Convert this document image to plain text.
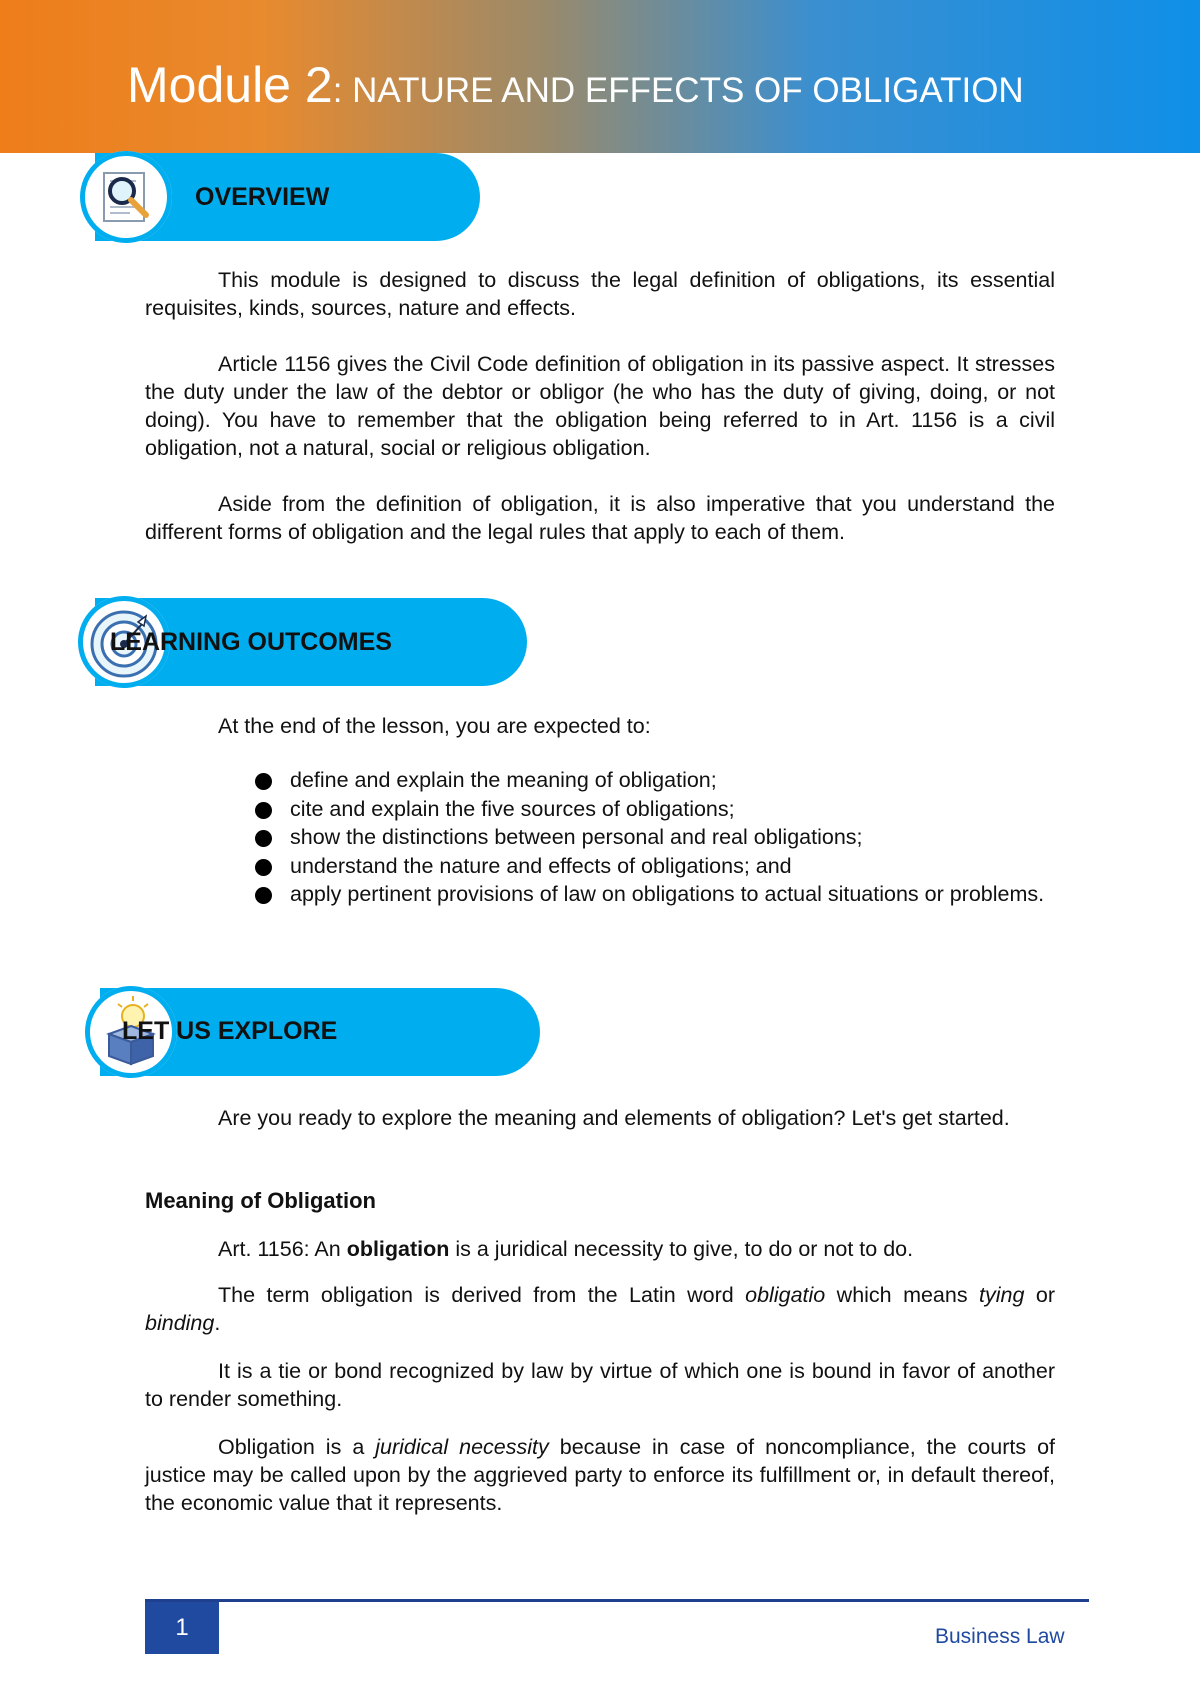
Module 2: NATURE AND EFFECTS OF OBLIGATION
OVERVIEW

This module is designed to discuss the legal definition of obligations, its essential requisites, kinds, sources, nature and effects.

Article 1156 gives the Civil Code definition of obligation in its passive aspect. It stresses the duty under the law of the debtor or obligor (he who has the duty of giving, doing, or not doing). You have to remember that the obligation being referred to in Art. 1156 is a civil obligation, not a natural, social or religious obligation.

Aside from the definition of obligation, it is also imperative that you understand the different forms of obligation and the legal rules that apply to each of them.

LEARNING OUTCOMES

At the end of the lesson, you are expected to:

define and explain the meaning of obligation;
cite and explain the five sources of obligations;
show the distinctions between personal and real obligations;
understand the nature and effects of obligations; and
apply pertinent provisions of law on obligations to actual situations or problems.
LET US EXPLORE

Are you ready to explore the meaning and elements of obligation? Let's get started.

Meaning of Obligation

Art. 1156: An obligation is a juridical necessity to give, to do or not to do.

The term obligation is derived from the Latin word obligatio which means tying or binding.

It is a tie or bond recognized by law by virtue of which one is bound in favor of another to render something.

Obligation is a juridical necessity because in case of noncompliance, the courts of justice may be called upon by the aggrieved party to enforce its fulfillment or, in default thereof, the economic value that it represents.

1	Business Law
